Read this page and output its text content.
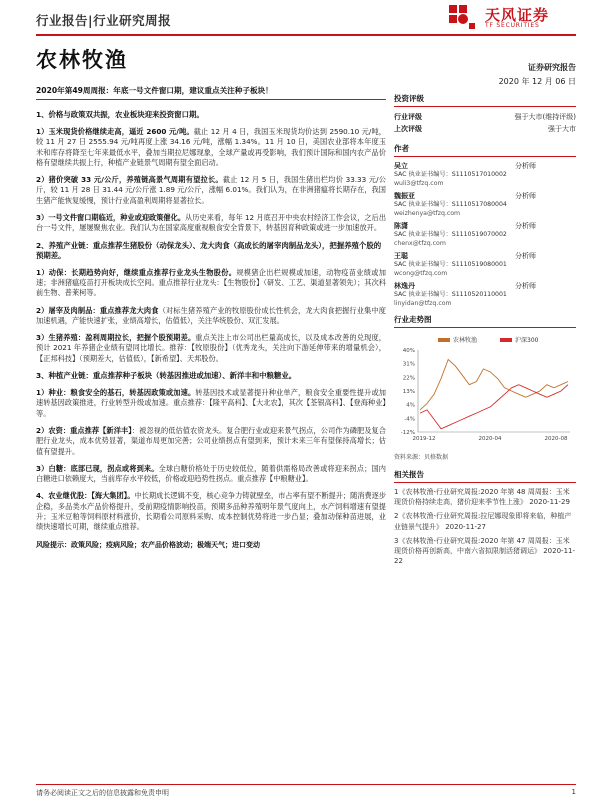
行业报告|行业研究周报	天风证券
TF SECURITIES
农林牧渔	证券研究报告
2020 年 12 月 06 日
2020年第49周周报：年底一号文件窗口期，建议重点关注种子板块！
1、价格与政策双共振，农业板块迎来投资窗口期。
1）玉米现货价格继续走高，逼近 2600 元/吨。截止 12 月 4 日，我国玉米现货均价达到 2590.10 元/吨，较 11 月 27 日 2555.94 元/吨再度上涨 34.16 元/吨，涨幅 1.34%。11 月 10 日，美国农业部将本年度玉米和库存将降至七年来最低水平，叠加当期拉尼娜现象，全球产量或再受影响，我们预计国际和国内农产品价格有望继续共振上行，种植产业链景气周期有望全面启动。
2）猪价突破 33 元/公斤，养殖链高景气周期有望拉长。截止 12 月 5 日，我国生猪出栏均价 33.33 元/公斤，较 11 月 28 日 31.44 元/公斤涨 1.89 元/公斤，涨幅 6.01%。我们认为，在非洲猪瘟将长期存在，我国生猪产能恢复缓慢，预计行业高盈利周期将显著拉长。
3）一号文件窗口期临近，种业或迎政策催化。从历史来看，每年 12 月底召开中央农村经济工作会议，之后出台一号文件，屡屡聚焦农业。我们认为在国家高度重视粮食安全背景下，转基因育种政策或进一步加速放开。
2、养殖产业链：重点推荐生猪股份（动保龙头）、龙大肉食（高成长的屠宰肉制品龙头），把握养殖个股的预期差。
1）动保：长期趋势向好，继续重点推荐行业龙头生物股份。规模猪企出栏规模或加速，动物疫苗业绩或加速；非洲猪瘟疫苗打开板块成长空间。重点推荐行业龙头：【生物股份】（研发、工艺、渠道显著领先）；其次科前生物、普莱柯等。
2）屠宰及肉制品：重点推荐龙大肉食（对标生猪养殖产业的牧原股份成长性机会，龙大肉食把握行业集中度加速机遇，产能快速扩张，业绩高增长，估值低），关注华统股份、双汇发展。
3）生猪养殖：盈利周期拉长，把握个股预期差。重点关注上市公司出栏量高成长，以及成本改善的兑现度，预计 2021 年养猪企业绩有望同比增长。推荐：【牧原股份】（优秀龙头，关注向下游延伸带来的增量机会），【正邦科技】（预期差大，估值低），【新希望】、天邦股份。
3、种植产业链：重点推荐种子板块（转基因推进或加速）、新洋丰和中粮糖业。
1）种业：粮食安全的基石，转基因政策或加速。转基因技术或显著提升种业单产，粮食安全重要性提升或加速转基因政策推进，行业转型升级或加速。重点推荐：【隆平高科】、【大北农】，其次【荃银高科】、【登海种业】等。
2）农资：重点推荐【新洋丰】：被忽视的低估值农资龙头。复合肥行业或迎来景气拐点，公司作为磷肥及复合肥行业龙头，成本优势显著，渠道布局更加完善；公司业绩拐点有望到来，预计未来三年有望保持高增长；估值有望提升。
3）白糖：底部已现，拐点或将到来。全球白糖价格处于历史较低位，随着供需格局改善或将迎来拐点；国内白糖进口依赖度大，当前库存水平较低，价格或迎趋势性拐点。重点推荐【中粮糖业】。
4、农业继优股：【海大集团】。中长期成长逻辑不变，核心竞争力铸就壁垒，市占率有望不断提升；随消费逐步企稳，多品类水产品价格提升，受前期疫情影响投苗，预期多品种养殖明年景气度向上，水产饲料增速有望提升；玉米豆粕等饲料原材料涨价，长期看公司原料采购、成本控制优势将进一步凸显；叠加动保种苗进展，业绩快速增长可期，继续重点推荐。
风险提示：政策风险；疫病风险；农产品价格波动；极端天气；进口变动
投资评级
行业评级	强于大市(维持评级)
上次评级	强于大市
作者
吴立	分析师
SAC 执业证书编号：S1110517010002
wuli3@tfzq.com
魏振亚	分析师
SAC 执业证书编号：S1110517080004
weizhenya@tfzq.com
陈潇	分析师
SAC 执业证书编号：S1110519070002
chenx@tfzq.com
王聪	分析师
SAC 执业证书编号：S1110519080001
wcong@tfzq.com
林逸丹	分析师
SAC 执业证书编号：S1110520110001
linyidan@tfzq.com
行业走势图
40%
31%
22%
13%
4%
-4%
-12%
2019-12	2020-04	2020-08
农林牧渔	沪深300
资料来源：贝格数据
相关报告
1《农林牧渔-行业研究周报:2020 年第 48 周周报：玉米现货价格持续走高，猪价迎来季节性上涨》 2020-11-29
2《农林牧渔-行业研究周报:拉尼娜现象即将来临，种植产业链景气提升》 2020-11-27
3《农林牧渔-行业研究周报:2020 年第 47 周周报：玉米现货价格再创新高，中南六省拟限制活猪调运》 2020-11-22
请务必阅读正文之后的信息披露和免责申明	1
